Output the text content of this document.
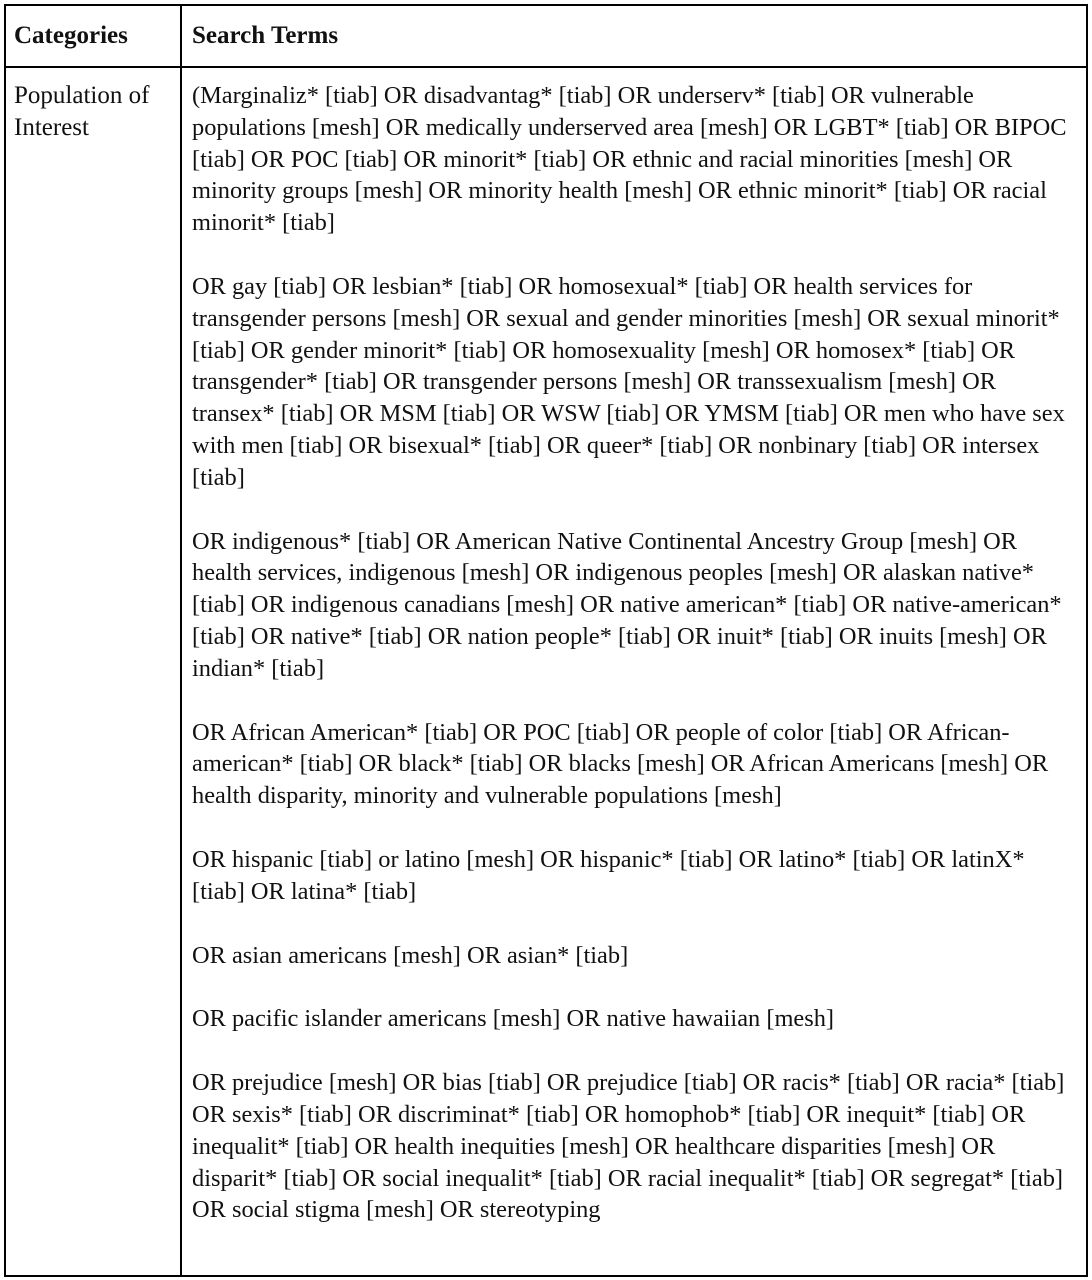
Categories	Search Terms
Population of Interest

(Marginaliz* [tiab] OR disadvantag* [tiab] OR underserv* [tiab] OR vulnerable populations [mesh] OR medically underserved area [mesh] OR LGBT* [tiab] OR BIPOC [tiab] OR POC [tiab] OR minorit* [tiab] OR ethnic and racial minorities [mesh] OR minority groups [mesh] OR minority health [mesh] OR ethnic minorit* [tiab] OR racial minorit* [tiab]

OR gay [tiab] OR lesbian* [tiab] OR homosexual* [tiab] OR health services for transgender persons [mesh] OR sexual and gender minorities [mesh] OR sexual minorit* [tiab] OR gender minorit* [tiab] OR homosexuality [mesh] OR homosex* [tiab] OR transgender* [tiab] OR transgender persons [mesh] OR transsexualism [mesh] OR transex* [tiab] OR MSM [tiab] OR WSW [tiab] OR YMSM [tiab] OR men who have sex with men [tiab] OR bisexual* [tiab] OR queer* [tiab] OR nonbinary [tiab] OR intersex [tiab]

OR indigenous* [tiab] OR American Native Continental Ancestry Group [mesh] OR health services, indigenous [mesh] OR indigenous peoples [mesh] OR alaskan native* [tiab] OR indigenous canadians [mesh] OR native american* [tiab] OR native-american* [tiab] OR native* [tiab] OR nation people* [tiab] OR inuit* [tiab] OR inuits [mesh] OR indian* [tiab]

OR African American* [tiab] OR POC [tiab] OR people of color [tiab] OR African-american* [tiab] OR black* [tiab] OR blacks [mesh] OR African Americans [mesh] OR health disparity, minority and vulnerable populations [mesh]

OR hispanic [tiab] or latino [mesh] OR hispanic* [tiab] OR latino* [tiab] OR latinX* [tiab] OR latina* [tiab]

OR asian americans [mesh] OR asian* [tiab]

OR pacific islander americans [mesh] OR native hawaiian [mesh]

OR prejudice [mesh] OR bias [tiab] OR prejudice [tiab] OR racis* [tiab] OR racia* [tiab] OR sexis* [tiab] OR discriminat* [tiab] OR homophob* [tiab] OR inequit* [tiab] OR inequalit* [tiab] OR health inequities [mesh] OR healthcare disparities [mesh] OR disparit* [tiab] OR social inequalit* [tiab] OR racial inequalit* [tiab] OR segregat* [tiab] OR social stigma [mesh] OR stereotyping
